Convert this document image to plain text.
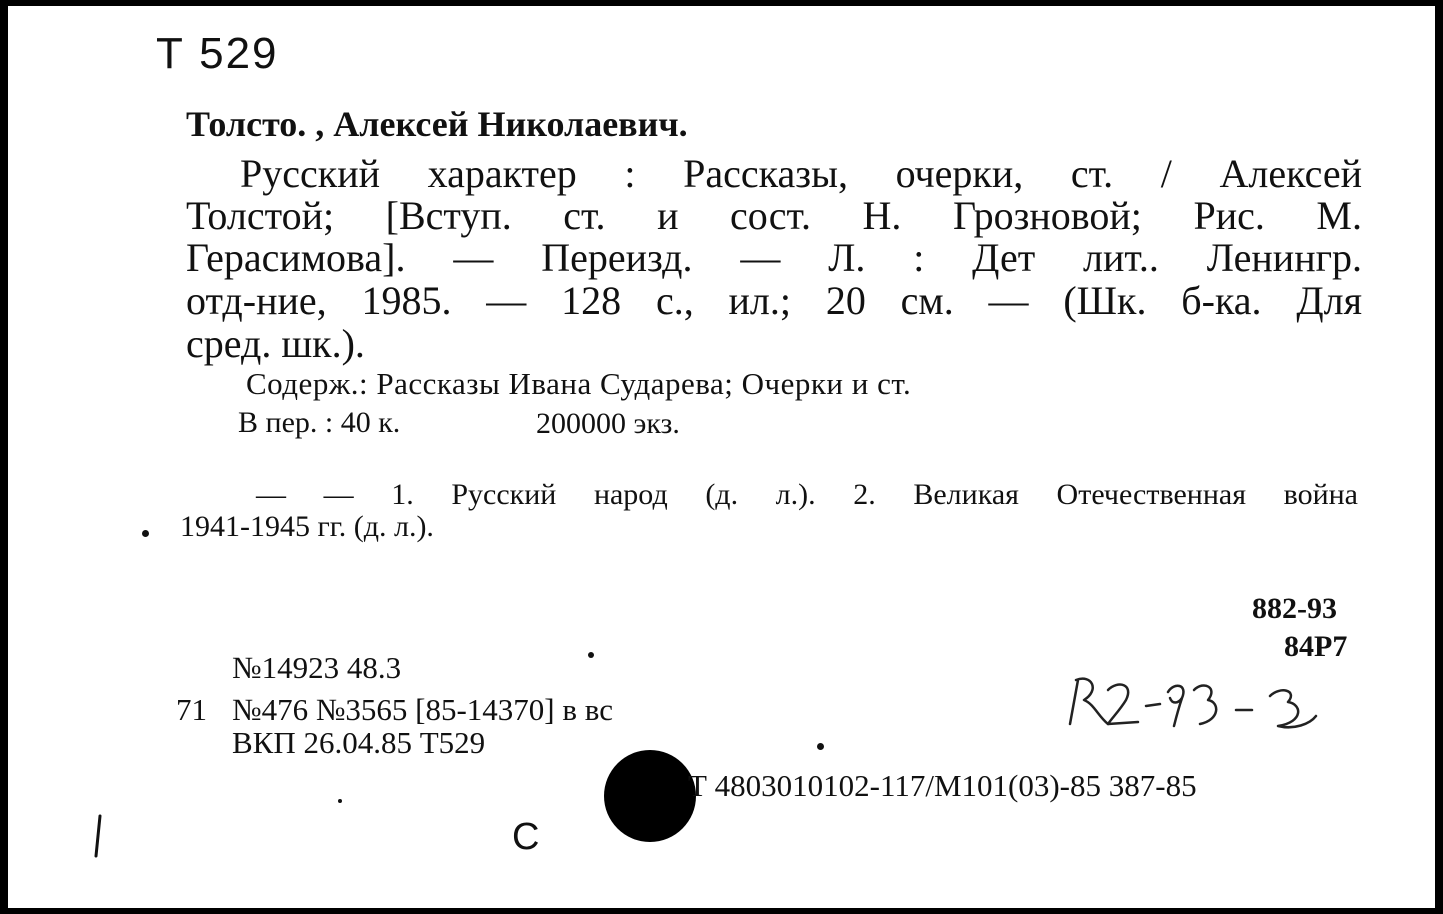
Т 529
Толсто. , Алексей Николаевич.
Русский характер : Рассказы, очерки, ст. / Алексей
Толстой; [Вступ. ст. и сост. Н. Грозновой; Рис. М.
Герасимова]. — Переизд. — Л. : Дет лит.. Ленингр.
отд-ние, 1985. — 128 с., ил.; 20 см. — (Шк. б-ка. Для
сред. шк.).
Содерж.: Рассказы Ивана Сударева; Очерки и ст.
В пер. : 40 к.	200000 экз.
— — 1. Русский народ (д. л.). 2. Великая Отечественная война
1941-1945 гг. (д. л.).
882-93
84Р7
№14923 48.3
71 №476 №3565 [85-14370] в вс
ВКП 26.04.85 Т529
Т 4803010102-117/М101(03)-85 387-85
С
